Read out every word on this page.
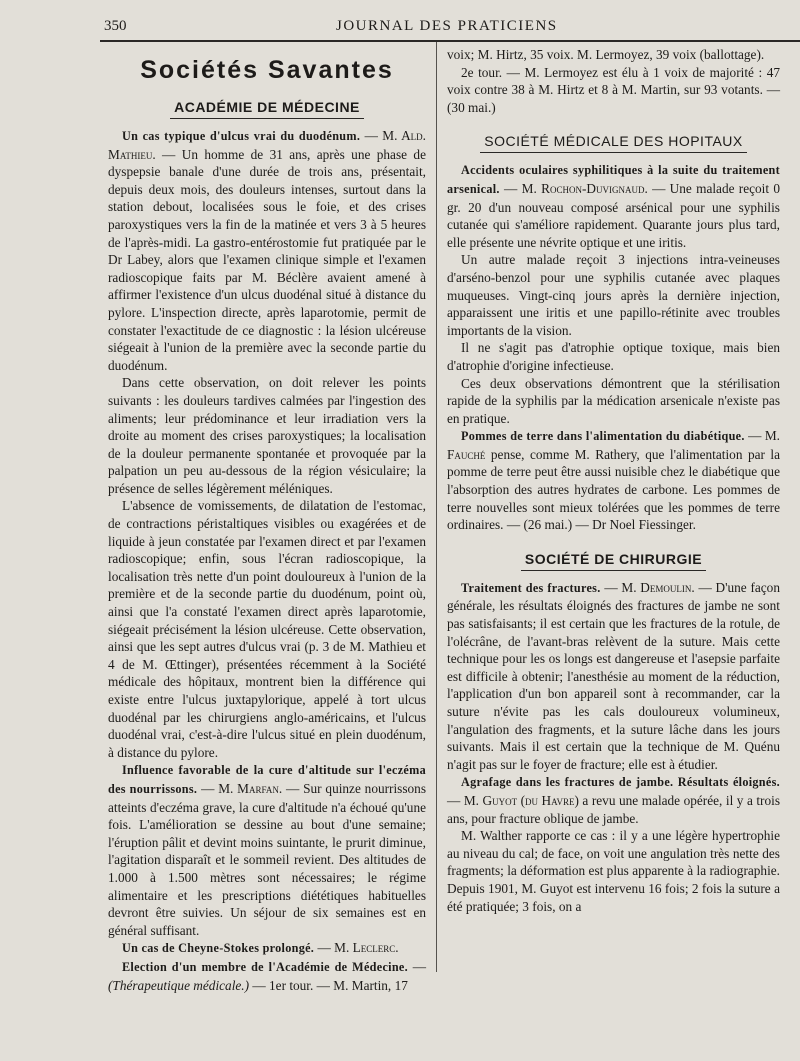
350	JOURNAL DES PRATICIENS
Sociétés Savantes
ACADÉMIE DE MÉDECINE

Un cas typique d'ulcus vrai du duodénum. — M. Ald. Mathieu. — Un homme de 31 ans, après une phase de dyspepsie banale d'une durée de trois ans, présentait, depuis deux mois, des douleurs intenses, surtout dans la station debout, localisées sous le foie, et des crises paroxystiques vers la fin de la matinée et vers 3 à 5 heures de l'après-midi. La gastro-entérostomie fut pratiquée par le Dr Labey, alors que l'examen clinique simple et l'examen radioscopique faits par M. Béclère avaient amené à affirmer l'existence d'un ulcus duodénal situé à distance du pylore. L'inspection directe, après laparotomie, permit de constater l'exactitude de ce diagnostic : la lésion ulcéreuse siégeait à l'union de la première avec la seconde partie du duodénum.

Dans cette observation, on doit relever les points suivants : les douleurs tardives calmées par l'ingestion des aliments; leur prédominance et leur irradiation vers la droite au moment des crises paroxystiques; la localisation de la douleur permanente spontanée et provoquée par la palpation un peu au-dessous de la région vésiculaire; la présence de selles légèrement méléniques.

L'absence de vomissements, de dilatation de l'estomac, de contractions péristaltiques visibles ou exagérées et de liquide à jeun constatée par l'examen direct et par l'examen radioscopique; enfin, sous l'écran radioscopique, la localisation très nette d'un point douloureux à l'union de la première et de la seconde partie du duodénum, point où, ainsi que l'a constaté l'examen direct après laparotomie, siégeait précisément la lésion ulcéreuse. Cette observation, ainsi que les sept autres d'ulcus vrai (p. 3 de M. Mathieu et 4 de M. Œttinger), présentées récemment à la Société médicale des hôpitaux, montrent bien la différence qui existe entre l'ulcus juxtapylorique, appelé à tort ulcus duodénal par les chirurgiens anglo-américains, et l'ulcus duodénal vrai, c'est-à-dire l'ulcus situé en plein duodénum, à distance du pylore.

Influence favorable de la cure d'altitude sur l'eczéma des nourrissons. — M. Marfan. — Sur quinze nourrissons atteints d'eczéma grave, la cure d'altitude n'a échoué qu'une fois. L'amélioration se dessine au bout d'une semaine; l'éruption pâlit et devint moins suintante, le prurit diminue, l'agitation disparaît et le sommeil revient. Des altitudes de 1.000 à 1.500 mètres sont nécessaires; le régime alimentaire et les prescriptions diététiques habituelles devront être suivies. Un séjour de six semaines est en général suffisant.

Un cas de Cheyne-Stokes prolongé. — M. Leclerc.

Election d'un membre de l'Académie de Médecine. — (Thérapeutique médicale.) — 1er tour. — M. Martin, 17

voix; M. Hirtz, 35 voix. M. Lermoyez, 39 voix (ballottage).

2e tour. — M. Lermoyez est élu à 1 voix de majorité : 47 voix contre 38 à M. Hirtz et 8 à M. Martin, sur 93 votants. — (30 mai.)

SOCIÉTÉ MÉDICALE DES HOPITAUX

Accidents oculaires syphilitiques à la suite du traitement arsenical. — M. Rochon-Duvignaud. — Une malade reçoit 0 gr. 20 d'un nouveau composé arsénical pour une syphilis cutanée qui s'améliore rapidement. Quarante jours plus tard, elle présente une névrite optique et une iritis.

Un autre malade reçoit 3 injections intra-veineuses d'arséno-benzol pour une syphilis cutanée avec plaques muqueuses. Vingt-cinq jours après la dernière injection, apparaissent une iritis et une papillo-rétinite avec troubles importants de la vision.

Il ne s'agit pas d'atrophie optique toxique, mais bien d'atrophie d'origine infectieuse.

Ces deux observations démontrent que la stérilisation rapide de la syphilis par la médication arsenicale n'existe pas en pratique.

Pommes de terre dans l'alimentation du diabétique. — M. Fauché pense, comme M. Rathery, que l'alimentation par la pomme de terre peut être aussi nuisible chez le diabétique que l'absorption des autres hydrates de carbone. Les pommes de terre nouvelles sont mieux tolérées que les pommes de terre ordinaires. — (26 mai.) — Dr Noel Fiessinger.

SOCIÉTÉ DE CHIRURGIE

Traitement des fractures. — M. Demoulin. — D'une façon générale, les résultats éloignés des fractures de jambe ne sont pas satisfaisants; il est certain que les fractures de la rotule, de l'olécrâne, de l'avant-bras relèvent de la suture. Mais cette technique pour les os longs est dangereuse et l'asepsie parfaite est difficile à obtenir; l'anesthésie au moment de la réduction, l'application d'un bon appareil sont à recommander, car la suture n'évite pas les cals douloureux volumineux, l'angulation des fragments, et la suture lâche dans les jours suivants. Mais il est certain que la technique de M. Quénu n'agit pas sur le foyer de fracture; elle est à étudier.

Agrafage dans les fractures de jambe. Résultats éloignés. — M. Guyot (du Havre) a revu une malade opérée, il y a trois ans, pour fracture oblique de jambe.

M. Walther rapporte ce cas : il y a une légère hypertrophie au niveau du cal; de face, on voit une angulation très nette des fragments; la déformation est plus apparente à la radiographie. Depuis 1901, M. Guyot est intervenu 16 fois; 2 fois la suture a été pratiquée; 3 fois, on a
